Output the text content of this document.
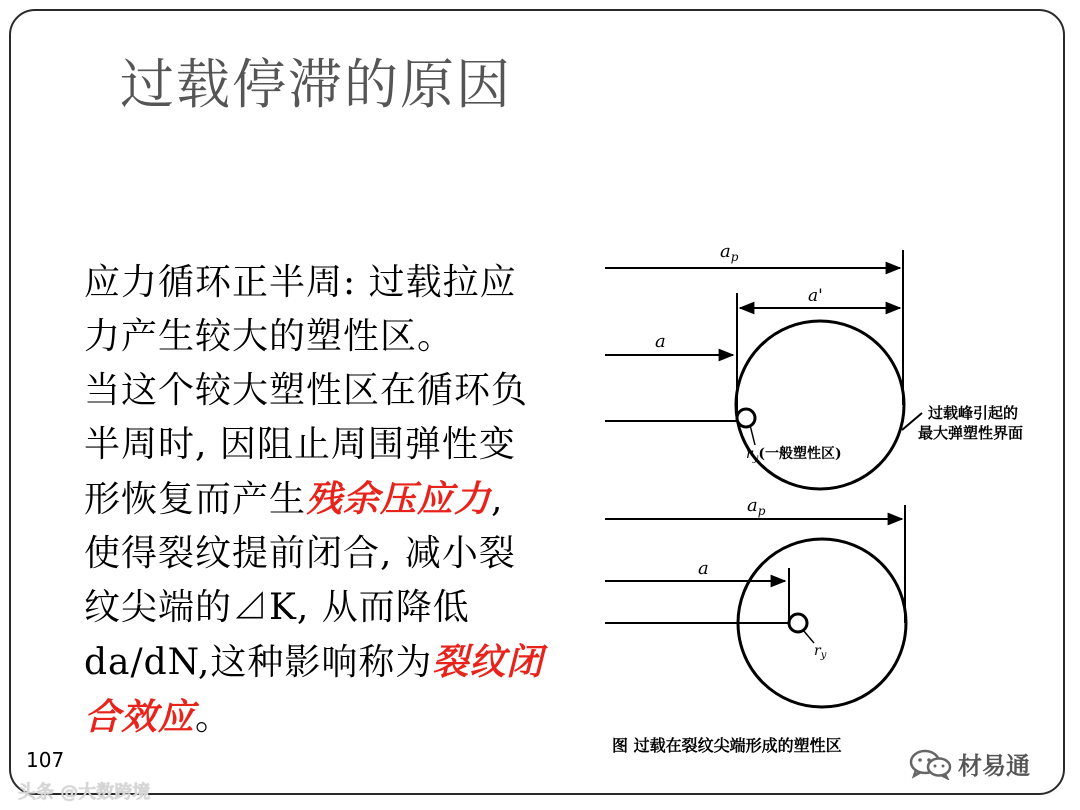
过载停滞的原因
应力循环正半周: 过载拉应
力产生较大的塑性区。
当这个较大塑性区在循环负
半周时, 因阻止周围弹性变
形恢复而产生残余压应力,
使得裂纹提前闭合, 减小裂
纹尖端的⊿K, 从而降低
da/dN,这种影响称为裂纹闭
合效应。
$a_p$
a'
a
$r_y$(一般塑性区)
过载峰引起的
最大弹塑性界面
$a_p$
a
$r_y$
图 过载在裂纹尖端形成的塑性区
107
头条 @大数跨境
材易通
